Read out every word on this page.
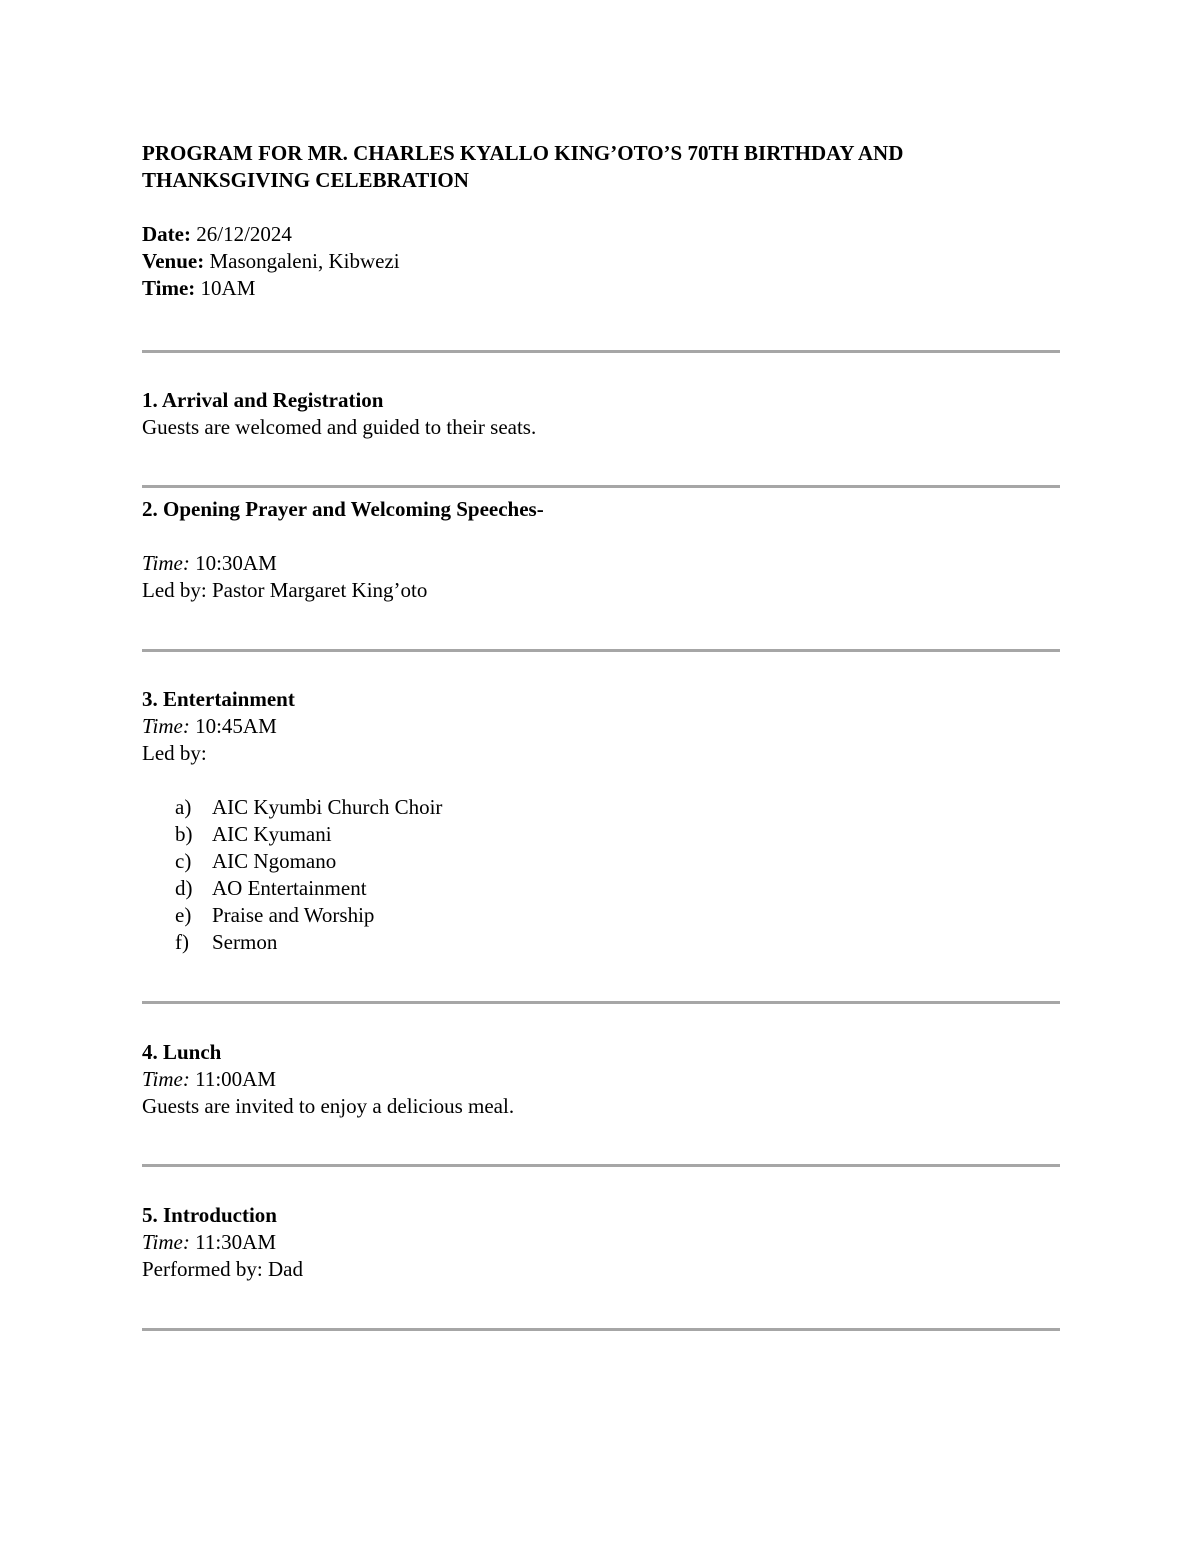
PROGRAM FOR MR. CHARLES KYALLO KING’OTO’S 70TH BIRTHDAY AND THANKSGIVING CELEBRATION

Date: 26/12/2024
Venue: Masongaleni, Kibwezi
Time: 10AM
1. Arrival and Registration
Guests are welcomed and guided to their seats.
2. Opening Prayer and Welcoming Speeches-
Time: 10:30AM
Led by: Pastor Margaret King’oto
3. Entertainment
Time: 10:45AM
Led by:
a) AIC Kyumbi Church Choir
b) AIC Kyumani
c) AIC Ngomano
d) AO Entertainment
e) Praise and Worship
f)	Sermon
4. Lunch
Time: 11:00AM
Guests are invited to enjoy a delicious meal.
5. Introduction
Time: 11:30AM
Performed by: Dad
